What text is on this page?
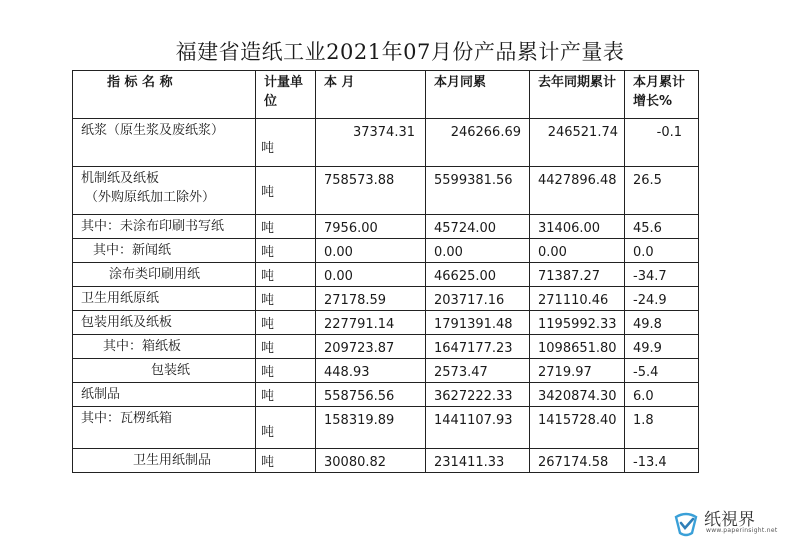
福建省造纸工业2021年07月份产品累计产量表
指 标 名 称	计量单位	本 月	本月同累	去年同期累计	本月累计增长%
纸浆（原生浆及废纸浆）	吨	37374.31	246266.69	246521.74	-0.1

机制纸及纸板
（外购原纸加工除外）	吨	758573.88	5599381.56	4427896.48	26.5
其中：未涂布印刷书写纸	吨	7956.00	45724.00	31406.00	45.6
其中：新闻纸	吨	0.00	0.00	0.00	0.0
涂布类印刷用纸	吨	0.00	46625.00	71387.27	-34.7
卫生用纸原纸	吨	27178.59	203717.16	271110.46	-24.9
包装用纸及纸板	吨	227791.14	1791391.48	1195992.33	49.8
其中：箱纸板	吨	209723.87	1647177.23	1098651.80	49.9
包装纸	吨	448.93	2573.47	2719.97	-5.4
纸制品	吨	558756.56	3627222.33	3420874.30	6.0
其中：瓦楞纸箱	吨	158319.89	1441107.93	1415728.40	1.8
卫生用纸制品	吨	30080.82	231411.33	267174.58	-13.4
纸視界
www.paperinsight.net
